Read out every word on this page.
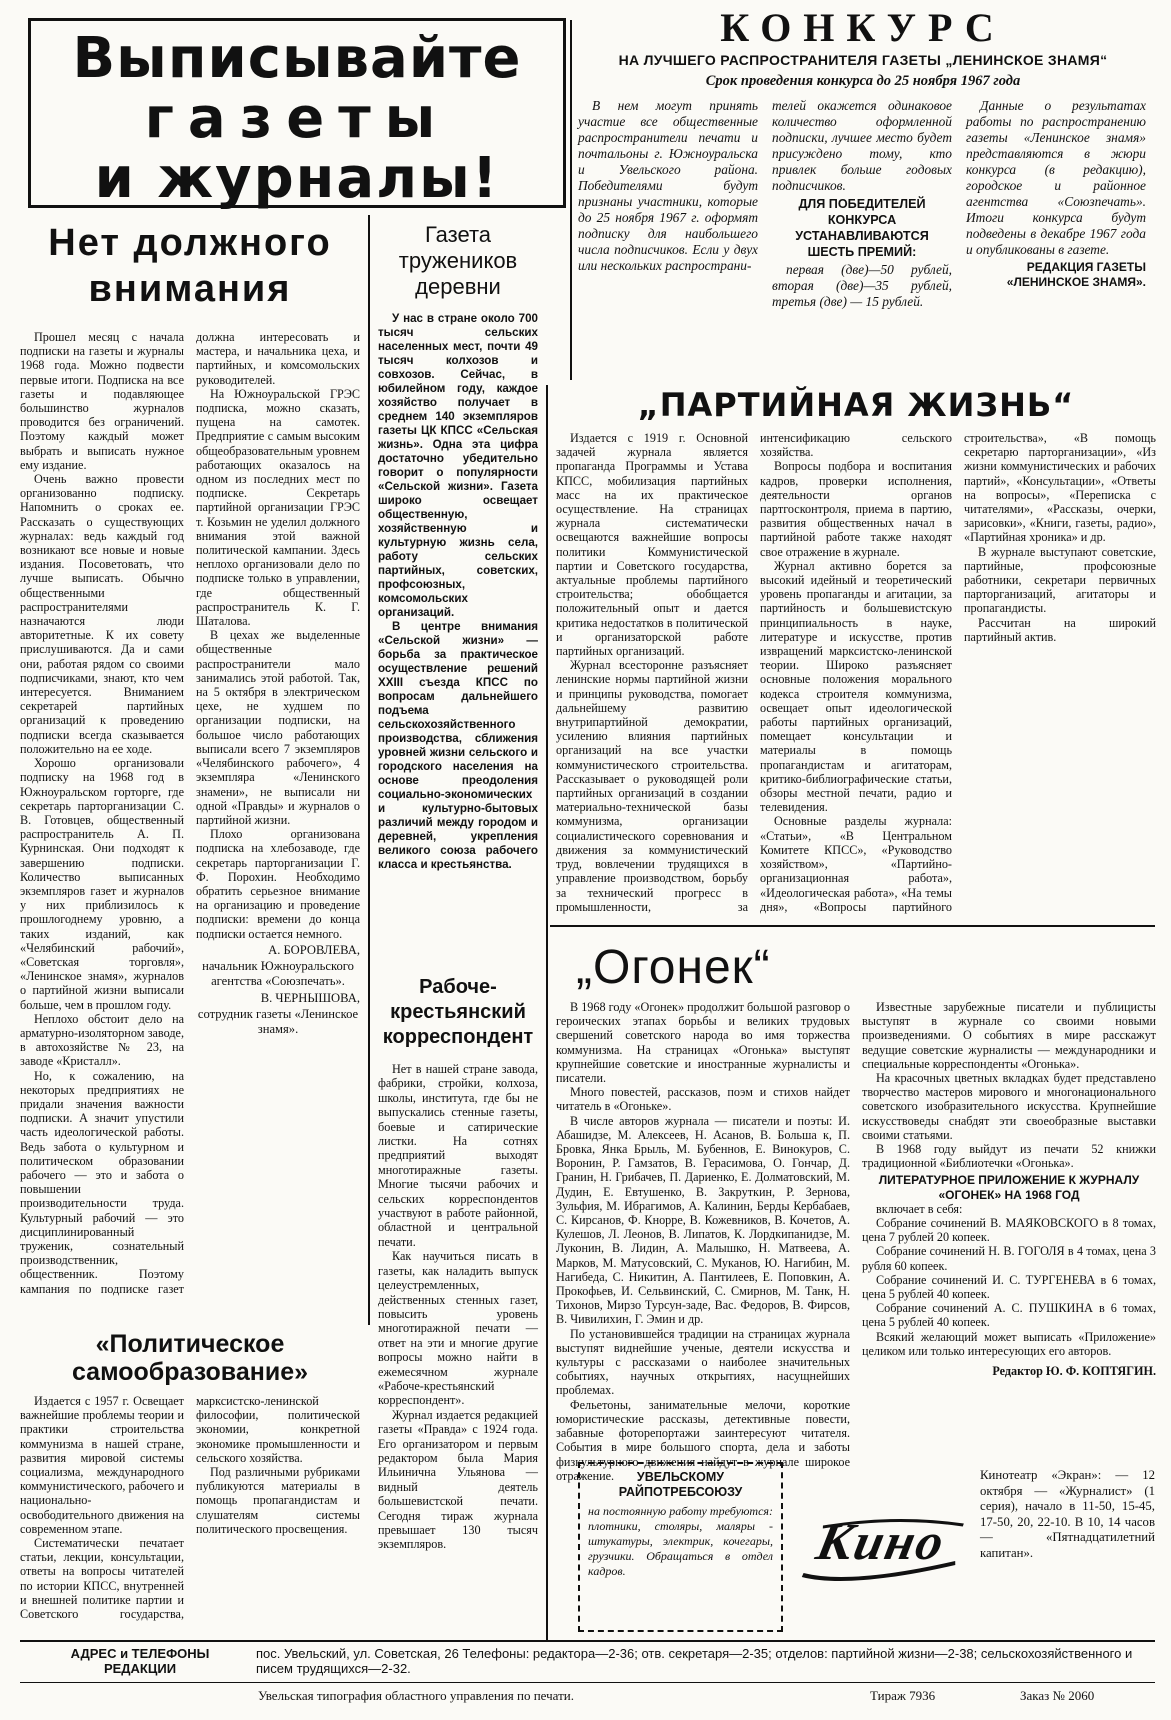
Выписывайте
газеты
и журналы!
КОНКУРС
НА ЛУЧШЕГО РАСПРОСТРАНИТЕЛЯ ГАЗЕТЫ „ЛЕНИНСКОЕ ЗНАМЯ“
Срок проведения конкурса до 25 ноября 1967 года

В нем могут принять участие все общественные распространители печати и почтальоны г. Южноуральска и Увельского района. Победителями будут признаны участники, которые до 25 ноября 1967 г. оформят подписку для наибольшего числа подписчиков. Если у двух или нескольких распространи-

телей окажется одинаковое количество оформленной подписки, лучшее место будет присуждено тому, кто привлек больше годовых подписчиков.

ДЛЯ ПОБЕДИТЕЛЕЙ КОНКУРСА УСТАНАВЛИВАЮТСЯ ШЕСТЬ ПРЕМИЙ:

первая (две)—50 рублей, вторая (две)—35 рублей, третья (две) — 15 рублей.

Данные о результатах работы по распространению газеты «Ленинское знамя» представляются в жюри конкурса (в редакцию), городское и районное агентства «Союзпечать». Итоги конкурса будут подведены в декабре 1967 года и опубликованы в газете.

РЕДАКЦИЯ ГАЗЕТЫ «ЛЕНИНСКОЕ ЗНАМЯ».
Нет должного внимания

Прошел месяц с начала подписки на газеты и журналы 1968 года. Можно подвести первые итоги. Подписка на все газеты и подавляющее большинство журналов проводится без ограничений. Поэтому каждый может выбрать и выписать нужное ему издание.

Очень важно провести организованно подписку. Напомнить о сроках ее. Рассказать о существующих журналах: ведь каждый год возникают все новые и новые издания. Посоветовать, что лучше выписать. Обычно общественными распространителями назначаются люди авторитетные. К их совету прислушиваются. Да и сами они, работая рядом со своими подписчиками, знают, кто чем интересуется. Вниманием секретарей партийных организаций к проведению подписки всегда сказывается положительно на ее ходе.

Хорошо организовали подписку на 1968 год в Южноуральском горторге, где секретарь парторганизации С. В. Готовцев, общественный распространитель А. П. Курнинская. Они подходят к завершению подписки. Количество выписанных экземпляров газет и журналов у них приблизилось к прошлогоднему уровню, а таких изданий, как «Челябинский рабочий», «Советская торговля», «Ленинское знамя», журналов о партийной жизни выписали больше, чем в прошлом году.

Неплохо обстоит дело на арматурно-изоляторном заводе, в автохозяйстве № 23, на заводе «Кристалл».

Но, к сожалению, на некоторых предприятиях не придали значения важности подписки. А значит упустили часть идеологической работы. Ведь забота о культурном и политическом образовании рабочего — это и забота о повышении производительности труда. Культурный рабочий — это дисциплинированный труженик, сознательный производственник, общественник. Поэтому кампания по подписке газет должна интересовать и мастера, и начальника цеха, и партийных, и комсомольских руководителей.

На Южноуральской ГРЭС подписка, можно сказать, пущена на самотек. Предприятие с самым высоким общеобразовательным уровнем работающих оказалось на одном из последних мест по подписке. Секретарь партийной организации ГРЭС т. Козьмин не уделил должного внимания этой важной политической кампании. Здесь неплохо организовали дело по подписке только в управлении, где общественный распространитель К. Г. Шаталова.

В цехах же выделенные общественные распространители мало занимались этой работой. Так, на 5 октября в электрическом цехе, не худшем по организации подписки, на большое число работающих выписали всего 7 экземпляров «Челябинского рабочего», 4 экземпляра «Ленинского знамени», не выписали ни одной «Правды» и журналов о партийной жизни.

Плохо организована подписка на хлебозаводе, где секретарь парторганизации Г. Ф. Порохин. Необходимо обратить серьезное внимание на организацию и проведение подписки: времени до конца подписки остается немного.

А. БОРОВЛЕВА,
начальник Южноуральского агентства «Союзпечать».
В. ЧЕРНЫШОВА,
сотрудник газеты «Ленинское знамя».
«Политическое самообразование»

Издается с 1957 г. Освещает важнейшие проблемы теории и практики строительства коммунизма в нашей стране, развития мировой системы социализма, международного коммунистического, рабочего и национально-освободительного движения на современном этапе.

Систематически печатает статьи, лекции, консультации, ответы на вопросы читателей по истории КПСС, внутренней и внешней политике партии и Советского государства, марксистско-ленинской философии, политической экономии, конкретной экономике промышленности и сельского хозяйства.

Под различными рубриками публикуются материалы в помощь пропагандистам и слушателям системы политического просвещения.

Газета тружеников деревни

У нас в стране около 700 тысяч сельских населенных мест, почти 49 тысяч колхозов и совхозов. Сейчас, в юбилейном году, каждое хозяйство получает в среднем 140 экземпляров газеты ЦК КПСС «Сельская жизнь». Одна эта цифра достаточно убедительно говорит о популярности «Сельской жизни». Газета широко освещает общественную, хозяйственную и культурную жизнь села, работу сельских партийных, советских, профсоюзных, комсомольских организаций.

В центре внимания «Сельской жизни» — борьба за практическое осуществление решений XXIII съезда КПСС по вопросам дальнейшего подъема сельскохозяйственного производства, сближения уровней жизни сельского и городского населения на основе преодоления социально-экономических и культурно-бытовых различий между городом и деревней, укрепления великого союза рабочего класса и крестьянства.

Рабоче-крестьянский корреспондент

Нет в нашей стране завода, фабрики, стройки, колхоза, школы, института, где бы не выпускались стенные газеты, боевые и сатирические листки. На сотнях предприятий выходят многотиражные газеты. Многие тысячи рабочих и сельских корреспондентов участвуют в работе районной, областной и центральной печати.

Как научиться писать в газеты, как наладить выпуск целеустремленных, действенных стенных газет, повысить уровень многотиражной печати — ответ на эти и многие другие вопросы можно найти в ежемесячном журнале «Рабоче-крестьянский корреспондент».

Журнал издается редакцией газеты «Правда» с 1924 года. Его организатором и первым редактором была Мария Ильинична Ульянова — видный деятель большевистской печати. Сегодня тираж журнала превышает 130 тысяч экземпляров.

„ПАРТИЙНАЯ ЖИЗНЬ“

Издается с 1919 г. Основной задачей журнала является пропаганда Программы и Устава КПСС, мобилизация партийных масс на их практическое осуществление. На страницах журнала систематически освещаются важнейшие вопросы политики Коммунистической партии и Советского государства, актуальные проблемы партийного строительства; обобщается положительный опыт и дается критика недостатков в политической и организаторской работе партийных организаций.

Журнал всесторонне разъясняет ленинские нормы партийной жизни и принципы руководства, помогает дальнейшему развитию внутрипартийной демократии, усилению влияния партийных организаций на все участки коммунистического строительства. Рассказывает о руководящей роли партийных организаций в создании материально-технической базы коммунизма, организации социалистического соревнования и движения за коммунистический труд, вовлечении трудящихся в управление производством, борьбу за технический прогресс в промышленности, за интенсификацию сельского хозяйства.

Вопросы подбора и воспитания кадров, проверки исполнения, деятельности органов партгосконтроля, приема в партию, развития общественных начал в партийной работе также находят свое отражение в журнале.

Журнал активно борется за высокий идейный и теоретический уровень пропаганды и агитации, за партийность и большевистскую принципиальность в науке, литературе и искусстве, против извращений марксистско-ленинской теории. Широко разъясняет основные положения морального кодекса строителя коммунизма, освещает опыт идеологической работы партийных организаций, помещает консультации и материалы в помощь пропагандистам и агитаторам, критико-библиографические статьи, обзоры местной печати, радио и телевидения.

Основные разделы журнала: «Статьи», «В Центральном Комитете КПСС», «Руководство хозяйством», «Партийно-организационная работа», «Идеологическая работа», «На темы дня», «Вопросы партийного строительства», «В помощь секретарю парторганизации», «Из жизни коммунистических и рабочих партий», «Консультации», «Ответы на вопросы», «Переписка с читателями», «Рассказы, очерки, зарисовки», «Книги, газеты, радио», «Партийная хроника» и др.

В журнале выступают советские, партийные, профсоюзные работники, секретари первичных парторганизаций, агитаторы и пропагандисты.

Рассчитан на широкий партийный актив.

„Огонек“

В 1968 году «Огонек» продолжит большой разговор о героических этапах борьбы и великих трудовых свершений советского народа во имя торжества коммунизма. На страницах «Огонька» выступят крупнейшие советские и иностранные журналисты и писатели.

Много повестей, рассказов, поэм и стихов найдет читатель в «Огоньке».

В числе авторов журнала — писатели и поэты: И. Абашидзе, М. Алексеев, Н. Асанов, В. Больша к, П. Бровка, Янка Брыль, М. Бубеннов, Е. Винокуров, С. Воронин, Р. Гамзатов, В. Герасимова, О. Гончар, Д. Гранин, Н. Грибачев, П. Дариенко, Е. Долматовский, М. Дудин, Е. Евтушенко, В. Закруткин, Р. Зернова, Зульфия, М. Ибрагимов, А. Калинин, Берды Кербабаев, С. Кирсанов, Ф. Кнорре, В. Кожевников, В. Кочетов, А. Кулешов, Л. Леонов, В. Липатов, К. Лордкипанидзе, М. Луконин, В. Лидин, А. Малышко, Н. Матвеева, А. Марков, М. Матусовский, С. Муканов, Ю. Нагибин, М. Нагибеда, С. Никитин, А. Пантилеев, Е. Поповкин, А. Прокофьев, И. Сельвинский, С. Смирнов, М. Танк, Н. Тихонов, Мирзо Турсун-заде, Вас. Федоров, В. Фирсов, В. Чивилихин, Г. Эмин и др.

По установившейся традиции на страницах журнала выступят виднейшие ученые, деятели искусства и культуры с рассказами о наиболее значительных событиях, научных открытиях, насущнейших проблемах.

Фельетоны, занимательные мелочи, короткие юмористические рассказы, детективные повести, забавные фоторепортажи заинтересуют читателя. События в мире большого спорта, дела и заботы физкультурного движения найдут в журнале широкое отражение.

Известные зарубежные писатели и публицисты выступят в журнале со своими новыми произведениями. О событиях в мире расскажут ведущие советские журналисты — международники и специальные корреспонденты «Огонька».

На красочных цветных вкладках будет представлено творчество мастеров мирового и многонационального советского изобразительного искусства. Крупнейшие искусствоведы снабдят эти своеобразные выставки своими статьями.

В 1968 году выйдут из печати 52 книжки традиционной «Библиотечки «Огонька».

ЛИТЕРАТУРНОЕ ПРИЛОЖЕНИЕ К ЖУРНАЛУ «ОГОНЕК» НА 1968 ГОД

включает в себя:

Собрание сочинений В. МАЯКОВСКОГО в 8 томах, цена 7 рублей 20 копеек.

Собрание сочинений Н. В. ГОГОЛЯ в 4 томах, цена 3 рубля 60 копеек.

Собрание сочинений И. С. ТУРГЕНЕВА в 6 томах, цена 5 рублей 40 копеек.

Собрание сочинений А. С. ПУШКИНА в 6 томах, цена 5 рублей 40 копеек.

Всякий желающий может выписать «Приложение» целиком или только интересующих его авторов.

Редактор Ю. Ф. КОПТЯГИН.
УВЕЛЬСКОМУ РАЙПОТРЕБСОЮЗУ
на постоянную работу требуются: плотники, столяры, маляры - штукатуры, электрик, кочегары, грузчики. Обращаться в отдел кадров.	Кино
Кинотеатр «Экран»: — 12 октября — «Журналист» (1 серия), начало в 11-50, 15-45, 17-50, 20, 22-10. В 10, 14 часов — «Пятнадцатилетний капитан».
АДРЕС и ТЕЛЕФОНЫ РЕДАКЦИИ
пос. Увельский, ул. Советская, 26 Телефоны: редактора—2-36; отв. секретаря—2-35; отделов: партийной жизни—2-38; сельскохозяйственного и писем трудящихся—2-32.
Увельская типография областного управления по печати.	Тираж 7936	Заказ № 2060
